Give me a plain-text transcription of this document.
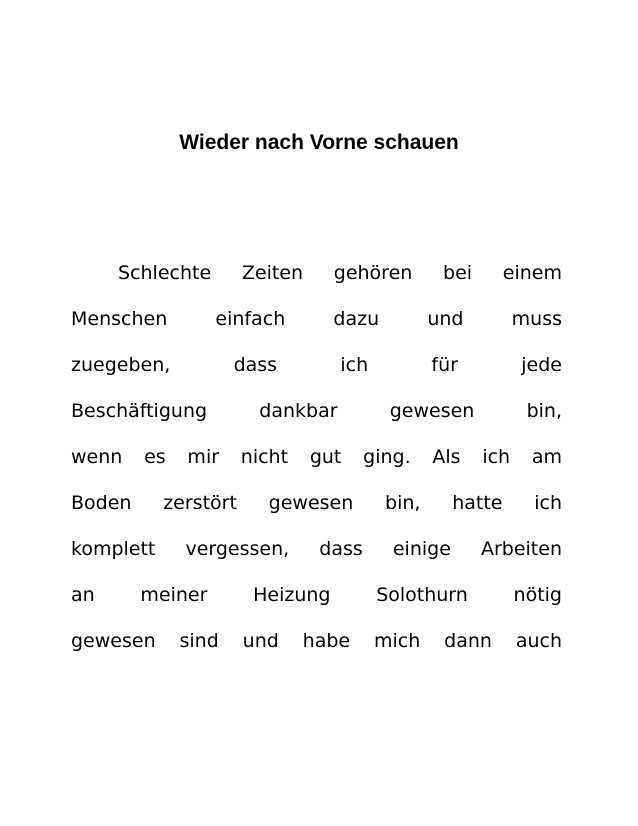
Wieder nach Vorne schauen
Schlechte Zeiten gehören bei einem
Menschen einfach dazu und muss
zuegeben, dass ich für jede
Beschäftigung dankbar gewesen bin,
wenn es mir nicht gut ging. Als ich am
Boden zerstört gewesen bin, hatte ich
komplett vergessen, dass einige Arbeiten
an meiner Heizung Solothurn nötig
gewesen sind und habe mich dann auch
